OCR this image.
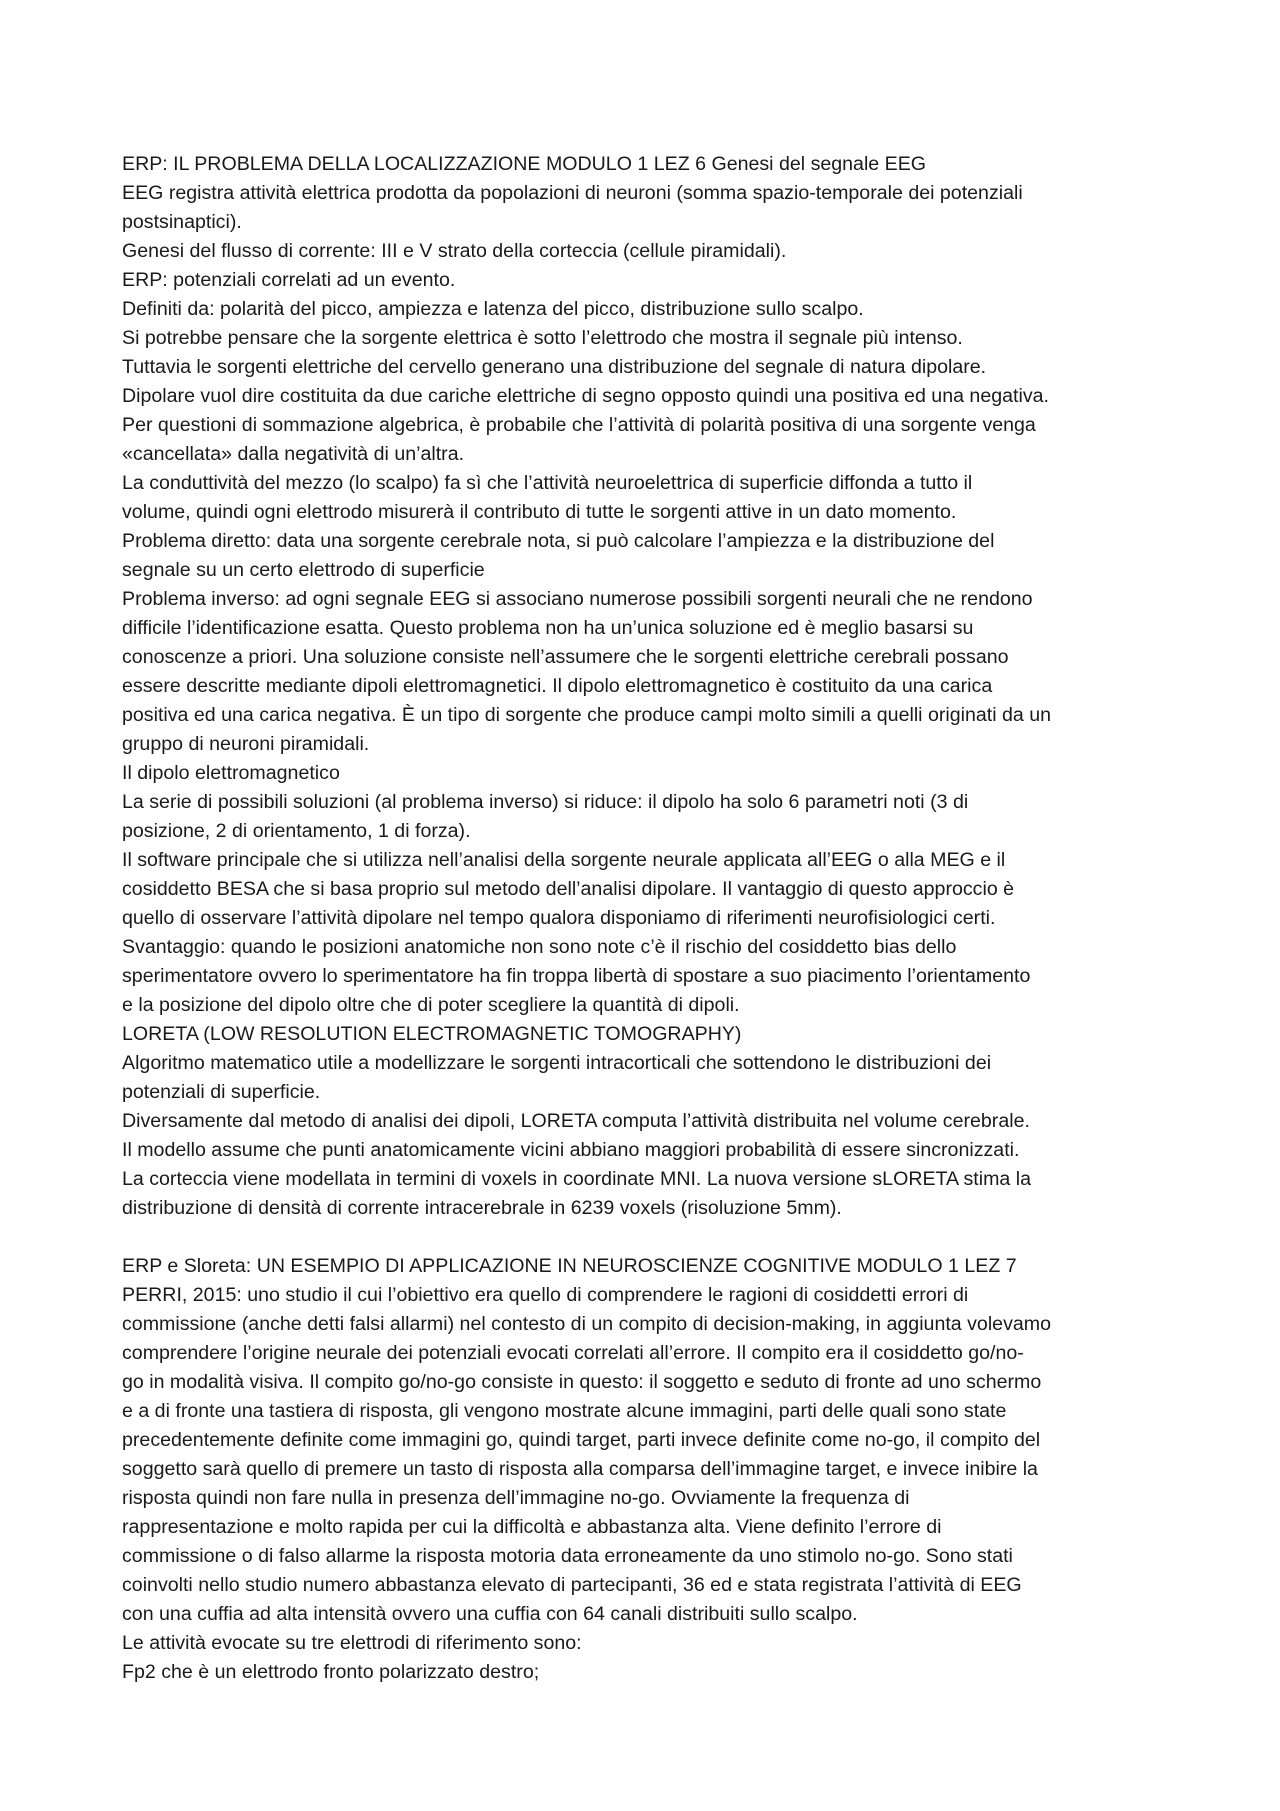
ERP: IL PROBLEMA DELLA LOCALIZZAZIONE MODULO 1 LEZ 6 Genesi del segnale EEG
EEG registra attività elettrica prodotta da popolazioni di neuroni (somma spazio-temporale dei potenziali
postsinaptici).
Genesi del flusso di corrente: III e V strato della corteccia (cellule piramidali).
ERP: potenziali correlati ad un evento.
Definiti da: polarità del picco, ampiezza e latenza del picco, distribuzione sullo scalpo.
Si potrebbe pensare che la sorgente elettrica è sotto l’elettrodo che mostra il segnale più intenso.
Tuttavia le sorgenti elettriche del cervello generano una distribuzione del segnale di natura dipolare.
Dipolare vuol dire costituita da due cariche elettriche di segno opposto quindi una positiva ed una negativa.
Per questioni di sommazione algebrica, è probabile che l’attività di polarità positiva di una sorgente venga
«cancellata» dalla negatività di un’altra.
La conduttività del mezzo (lo scalpo) fa sì che l’attività neuroelettrica di superficie diffonda a tutto il
volume, quindi ogni elettrodo misurerà il contributo di tutte le sorgenti attive in un dato momento.
Problema diretto: data una sorgente cerebrale nota, si può calcolare l’ampiezza e la distribuzione del
segnale su un certo elettrodo di superficie
Problema inverso: ad ogni segnale EEG si associano numerose possibili sorgenti neurali che ne rendono
difficile l’identificazione esatta. Questo problema non ha un’unica soluzione ed è meglio basarsi su
conoscenze a priori. Una soluzione consiste nell’assumere che le sorgenti elettriche cerebrali possano
essere descritte mediante dipoli elettromagnetici. Il dipolo elettromagnetico è costituito da una carica
positiva ed una carica negativa. È un tipo di sorgente che produce campi molto simili a quelli originati da un
gruppo di neuroni piramidali.
Il dipolo elettromagnetico
La serie di possibili soluzioni (al problema inverso) si riduce: il dipolo ha solo 6 parametri noti (3 di
posizione, 2 di orientamento, 1 di forza).
Il software principale che si utilizza nell’analisi della sorgente neurale applicata all’EEG o alla MEG e il
cosiddetto BESA che si basa proprio sul metodo dell’analisi dipolare. Il vantaggio di questo approccio è
quello di osservare l’attività dipolare nel tempo qualora disponiamo di riferimenti neurofisiologici certi.
Svantaggio: quando le posizioni anatomiche non sono note c’è il rischio del cosiddetto bias dello
sperimentatore ovvero lo sperimentatore ha fin troppa libertà di spostare a suo piacimento l’orientamento
e la posizione del dipolo oltre che di poter scegliere la quantità di dipoli.
LORETA (LOW RESOLUTION ELECTROMAGNETIC TOMOGRAPHY)
Algoritmo matematico utile a modellizzare le sorgenti intracorticali che sottendono le distribuzioni dei
potenziali di superficie.
Diversamente dal metodo di analisi dei dipoli, LORETA computa l’attività distribuita nel volume cerebrale.
Il modello assume che punti anatomicamente vicini abbiano maggiori probabilità di essere sincronizzati.
La corteccia viene modellata in termini di voxels in coordinate MNI. La nuova versione sLORETA stima la
distribuzione di densità di corrente intracerebrale in 6239 voxels (risoluzione 5mm).
ERP e Sloreta: UN ESEMPIO DI APPLICAZIONE IN NEUROSCIENZE COGNITIVE MODULO 1 LEZ 7
PERRI, 2015: uno studio il cui l’obiettivo era quello di comprendere le ragioni di cosiddetti errori di
commissione (anche detti falsi allarmi) nel contesto di un compito di decision-making, in aggiunta volevamo
comprendere l’origine neurale dei potenziali evocati correlati all’errore. Il compito era il cosiddetto go/no-
go in modalità visiva. Il compito go/no-go consiste in questo: il soggetto e seduto di fronte ad uno schermo
e a di fronte una tastiera di risposta, gli vengono mostrate alcune immagini, parti delle quali sono state
precedentemente definite come immagini go, quindi target, parti invece definite come no-go, il compito del
soggetto sarà quello di premere un tasto di risposta alla comparsa dell’immagine target, e invece inibire la
risposta quindi non fare nulla in presenza dell’immagine no-go. Ovviamente la frequenza di
rappresentazione e molto rapida per cui la difficoltà e abbastanza alta. Viene definito l’errore di
commissione o di falso allarme la risposta motoria data erroneamente da uno stimolo no-go. Sono stati
coinvolti nello studio numero abbastanza elevato di partecipanti, 36 ed e stata registrata l’attività di EEG
con una cuffia ad alta intensità ovvero una cuffia con 64 canali distribuiti sullo scalpo.
Le attività evocate su tre elettrodi di riferimento sono:
Fp2 che è un elettrodo fronto polarizzato destro;
